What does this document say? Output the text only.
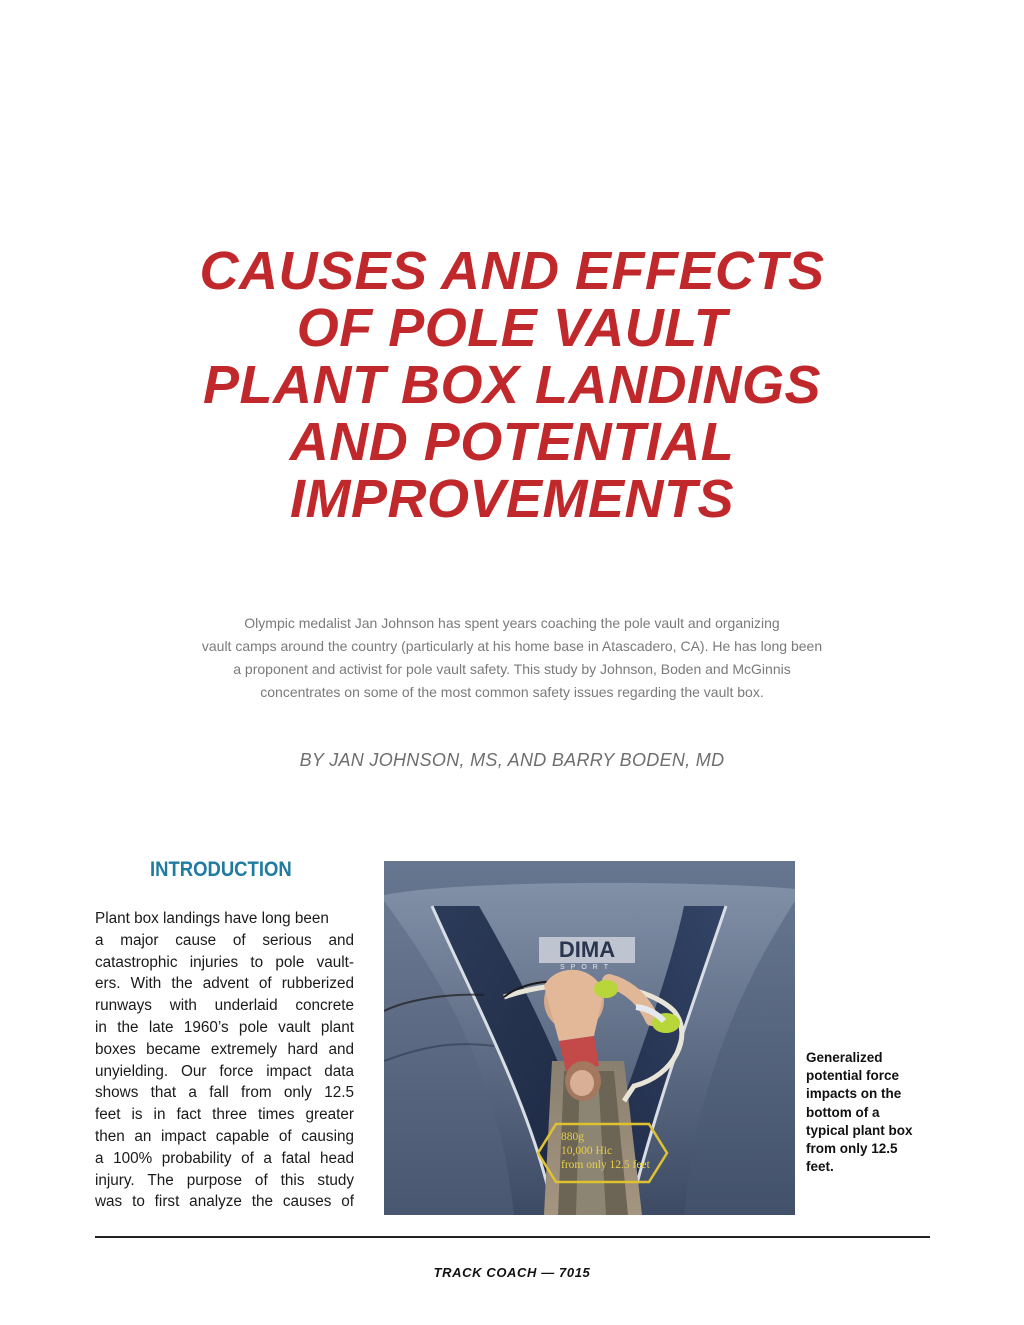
CAUSES AND EFFECTS
OF POLE VAULT
PLANT BOX LANDINGS
AND POTENTIAL
IMPROVEMENTS

Olympic medalist Jan Johnson has spent years coaching the pole vault and organizing
vault camps around the country (particularly at his home base in Atascadero, CA). He has long been
a proponent and activist for pole vault safety. This study by Johnson, Boden and McGinnis
concentrates on some of the most common safety issues regarding the vault box.

BY JAN JOHNSON, MS, AND BARRY BODEN, MD

INTRODUCTION

Plant box landings have long been
a major cause of serious and
catastrophic injuries to pole vault-
ers. With the advent of rubberized
runways with underlaid concrete
in the late 1960’s pole vault plant
boxes became extremely hard and
unyielding. Our force impact data
shows that a fall from only 12.5
feet is in fact three times greater
then an impact capable of causing
a 100% probability of a fatal head
injury. The purpose of this study
was to first analyze the causes of

DIMA
SPORT
880g
10,000 Hic
from only 12.5 feet

Generalized
potential force
impacts on the
bottom of a
typical plant box
from only 12.5
feet.

TRACK COACH — 7015
